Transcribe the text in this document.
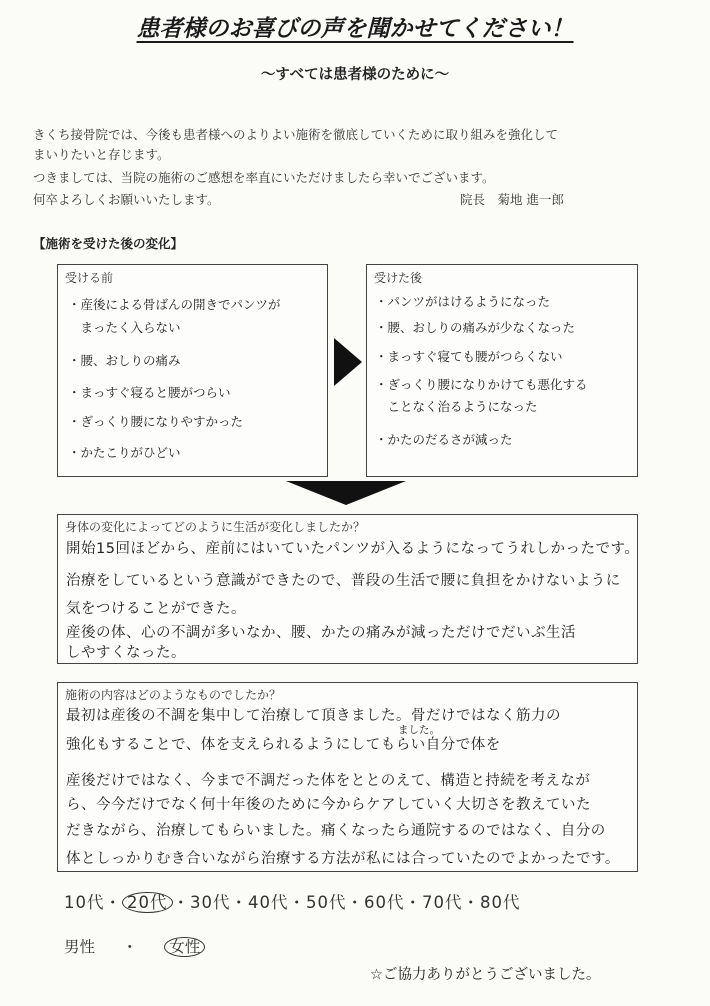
患者様のお喜びの声を聞かせてください！
～すべては患者様のために～
きくち接骨院では、今後も患者様へのよりよい施術を徹底していくために取り組みを強化して
まいりたいと存じます。
つきましては、当院の施術のご感想を率直にいただけましたら幸いでございます。
何卒よろしくお願いいたします。	院長　菊地 進一郎
【施術を受けた後の変化】
受ける前
・産後による骨ばんの開きでパンツが
　まったく入らない
・腰、おしりの痛み
・まっすぐ寝ると腰がつらい
・ぎっくり腰になりやすかった
・かたこりがひどい
受けた後
・パンツがはけるようになった
・腰、おしりの痛みが少なくなった
・まっすぐ寝ても腰がつらくない
・ぎっくり腰になりかけても悪化する
　ことなく治るようになった
・かたのだるさが減った
身体の変化によってどのように生活が変化しましたか？
開始15回ほどから、産前にはいていたパンツが入るようになってうれしかったです。
治療をしているという意識ができたので、普段の生活で腰に負担をかけないように
気をつけることができた。
産後の体、心の不調が多いなか、腰、かたの痛みが減っただけでだいぶ生活
しやすくなった。
施術の内容はどのようなものでしたか？
最初は産後の不調を集中して治療して頂きました。骨だけではなく筋力の
ました。
強化もすることで、体を支えられるようにしてもらい自分で体を
産後だけではなく、今まで不調だった体をととのえて、構造と持続を考えなが
ら、今今だけでなく何十年後のために今からケアしていく大切さを教えていた
だきながら、治療してもらいました。痛くなったら通院するのではなく、自分の
体としっかりむき合いながら治療する方法が私には合っていたのでよかったです。
10代・ 20代 ・30代・40代・50代・60代・70代・80代
男性 ・ 女性
☆ご協力ありがとうございました。
